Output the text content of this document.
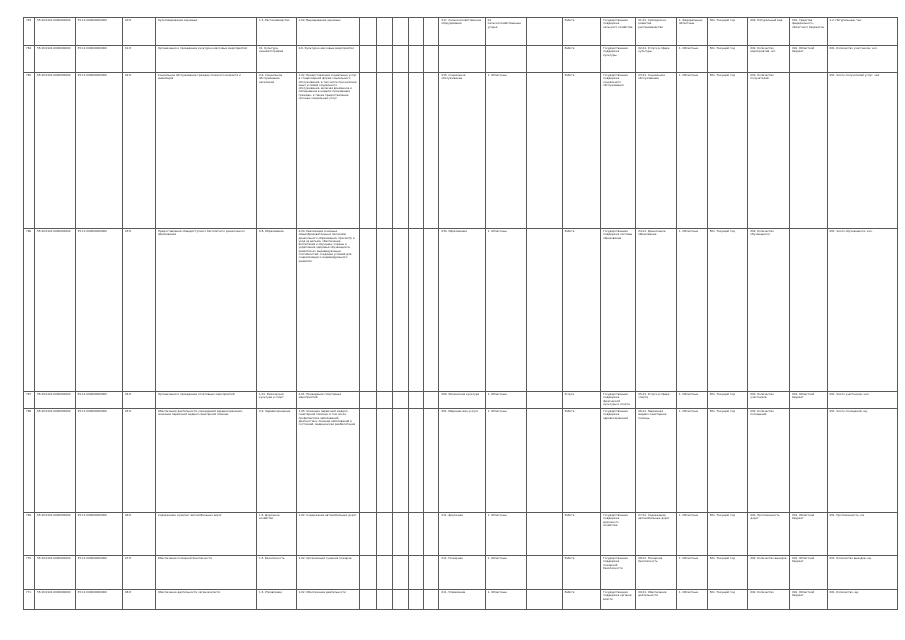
763	55:49:0101:0000000000	55:11:000000000000	40:8	Культивирование зерновых	1.5. Растениеводство	1.02. Выращивание зерновых						017. Сельскохозяйственное оборудование	02. Сельскохозяйственные угодья		Работа	Государственная поддержка сельского хозяйства	01-01. Субсидии на развитие растениеводства	1. Федеральные, областные	501. Текущий год	002. Натуральный вид	001. Средства федерального, областного бюджетов	1.2. Натуральные, тыс.

764	55:49:0101:0000000000	55:11:000000000000	41:8	Организация и проведение культурно-массовых мероприятий	01. Культура, кинематография	0.6. Культурно-массовые мероприятия									Работа	Государственная поддержка культуры	02-01. Услуги в сфере культуры	1. Областные	501. Текущий год	002. Количество мероприятий, шт.	001. Областной бюджет	001. Количество участников, чел.

765	55:49:0101:0000000000	55:11:000000000000	42:8	Социальное обслуживание граждан пожилого возраста и инвалидов	0.6. Социальное обслуживание населения	1.02. Предоставление социальных услуг в стационарной форме социального обслуживания, в том числе при наличии иных условий социального обслуживания, включая временное и пятидневное в неделю проживание граждан, а также предоставление срочных социальных услуг						015. Социальное обслуживание	1. Областные		Работа	Государственная поддержка социального обслуживания	03-01. Социальное обслуживание	1. Областные	501. Текущий год	002. Количество получателей		001. Число получателей услуг, чел.

766	55:49:0101:0000000000	55:11:000000000000	43:8	Предоставление общедоступного бесплатного дошкольного образования	0.8. Образование	0.04. Реализация основных общеобразовательных программ дошкольного образования, присмотр и уход за детьми, обеспечение воспитания и обучения, охраны и укрепления здоровья обучающихся, развитие их индивидуальных способностей, создание условий для социализации и индивидуального развития						034. Образование	1. Областные		Работа	Государственная поддержка системы образования	04-01. Дошкольное образование	1. Областные	501. Текущий год	002. Количество обучающихся		001. Число обучающихся, чел.

767	55:49:0101:0000000000	55:11:000000000000	44:8	Организация и проведение спортивных мероприятий	1.01. Физическая культура и спорт	0.01. Проведение спортивных мероприятий						009. Физическая культура	1. Областные		Услуга	Государственная поддержка физической культуры и спорта	05-01. Услуги в сфере спорта	1. Областные	501. Текущий год	002. Количество участников	001. Областной бюджет	001. Число участников, чел.

768	55:49:0101:0000000000	55:11:000000000000	45:8	Обеспечение деятельности учреждений здравоохранения, оказание первичной медико-санитарной помощи	0.9. Здравоохранение	1.05. Оказание первичной медико-санитарной помощи, в том числе профилактика заболеваний, диагностика, лечение заболеваний и состояний, медицинская реабилитация						001. Медицинские услуги	1. Областные		Работа	Государственная поддержка здравоохранения	06-01. Первичная медико-санитарная помощь	1. Областные	501. Текущий год	002. Количество посещений		001. Число посещений, ед.

769	55:49:0101:0000000000	55:11:000000000000	46:8	Содержание и ремонт автомобильных дорог	1.5. Дорожное хозяйство	1.02. Содержание автомобильных дорог						011. Дорожная	1. Областные		Работа	Государственная поддержка дорожного хозяйства	07-01. Содержание автомобильных дорог	1. Областные	501. Текущий год	002. Протяженность дорог	001. Областной бюджет	001. Протяженность, км

770	55:49:0101:0000000000	55:11:000000000000	47:8	Обеспечение пожарной безопасности	1.5. Безопасность	1.02. Организация тушения пожаров						011. Пожарная	1. Областные		Работа	Государственная поддержка пожарной безопасности	08-01. Пожарная безопасность	1. Областные	501. Текущий год	002. Количество выездов	001. Областной бюджет	001. Количество выездов, ед.

771	55:49:0101:0000000000	55:11:000000000000	48:8	Обеспечение деятельности органов власти	1.5. Управление	1.02. Обеспечение деятельности						011. Управление	1. Областные		Работа	Государственная поддержка органов власти	09-01. Обеспечение деятельности	1. Областные	501. Текущий год	002. Количество	001. Областной бюджет	001. Количество, ед.
